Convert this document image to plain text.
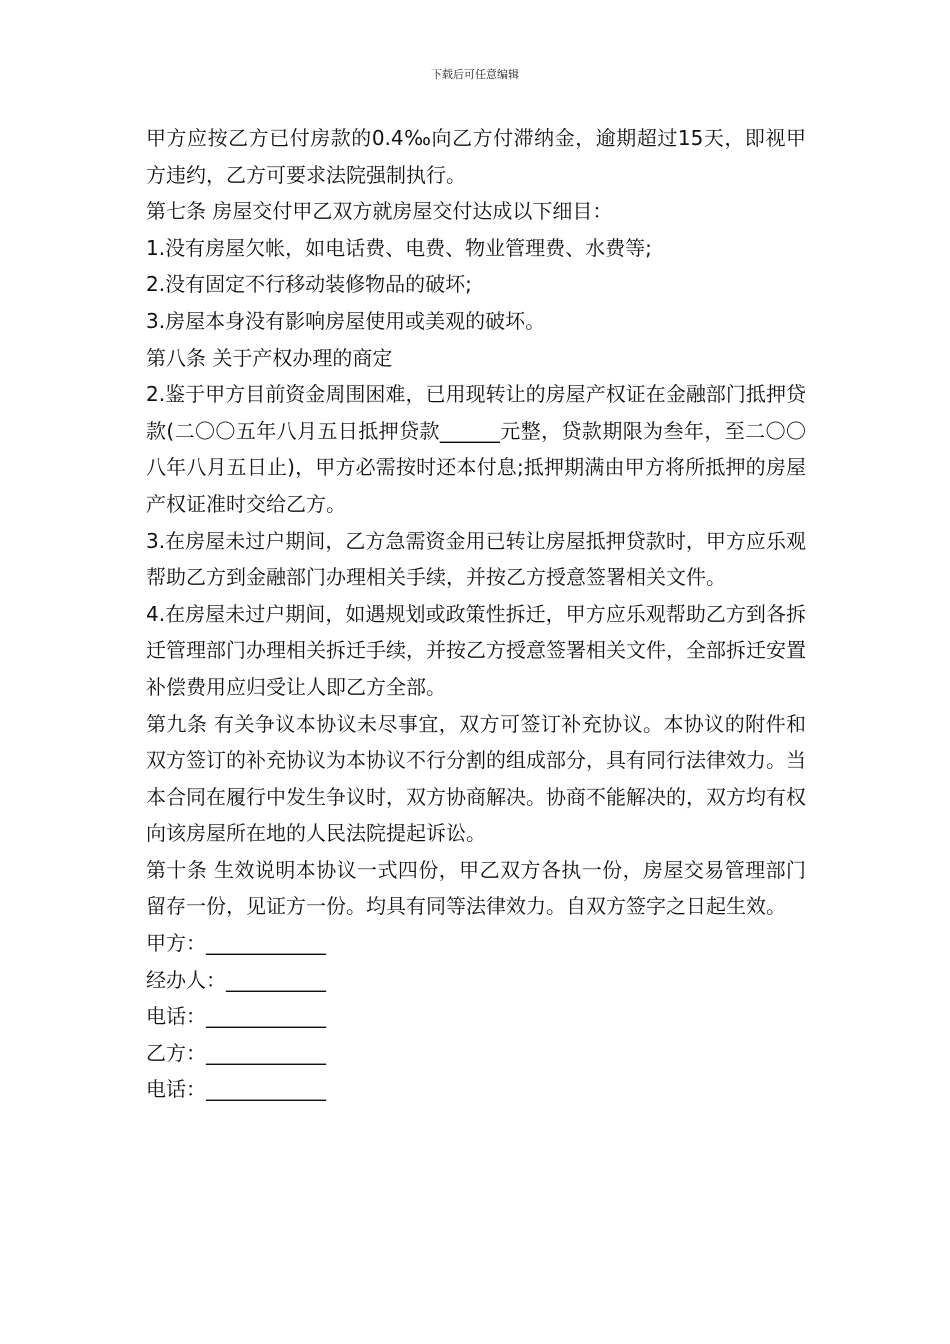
下载后可任意编辑

甲方应按乙方已付房款的0.4‰向乙方付滞纳金，逾期超过15天，即视甲方违约，乙方可要求法院强制执行。

第七条 房屋交付甲乙双方就房屋交付达成以下细目：

1.没有房屋欠帐，如电话费、电费、物业管理费、水费等;

2.没有固定不行移动装修物品的破坏;

3.房屋本身没有影响房屋使用或美观的破坏。

第八条 关于产权办理的商定

2.鉴于甲方目前资金周围困难，已用现转让的房屋产权证在金融部门抵押贷款(二〇〇五年八月五日抵押贷款______元整，贷款期限为叁年，至二〇〇八年八月五日止)，甲方必需按时还本付息;抵押期满由甲方将所抵押的房屋产权证准时交给乙方。

3.在房屋未过户期间，乙方急需资金用已转让房屋抵押贷款时，甲方应乐观帮助乙方到金融部门办理相关手续，并按乙方授意签署相关文件。

4.在房屋未过户期间，如遇规划或政策性拆迁，甲方应乐观帮助乙方到各拆迁管理部门办理相关拆迁手续，并按乙方授意签署相关文件，全部拆迁安置补偿费用应归受让人即乙方全部。

第九条 有关争议本协议未尽事宜，双方可签订补充协议。本协议的附件和双方签订的补充协议为本协议不行分割的组成部分，具有同行法律效力。当本合同在履行中发生争议时，双方协商解决。协商不能解决的，双方均有权向该房屋所在地的人民法院提起诉讼。

第十条 生效说明本协议一式四份，甲乙双方各执一份，房屋交易管理部门留存一份，见证方一份。均具有同等法律效力。自双方签字之日起生效。

甲方：____________

经办人：__________

电话：____________

乙方：____________

电话：____________
